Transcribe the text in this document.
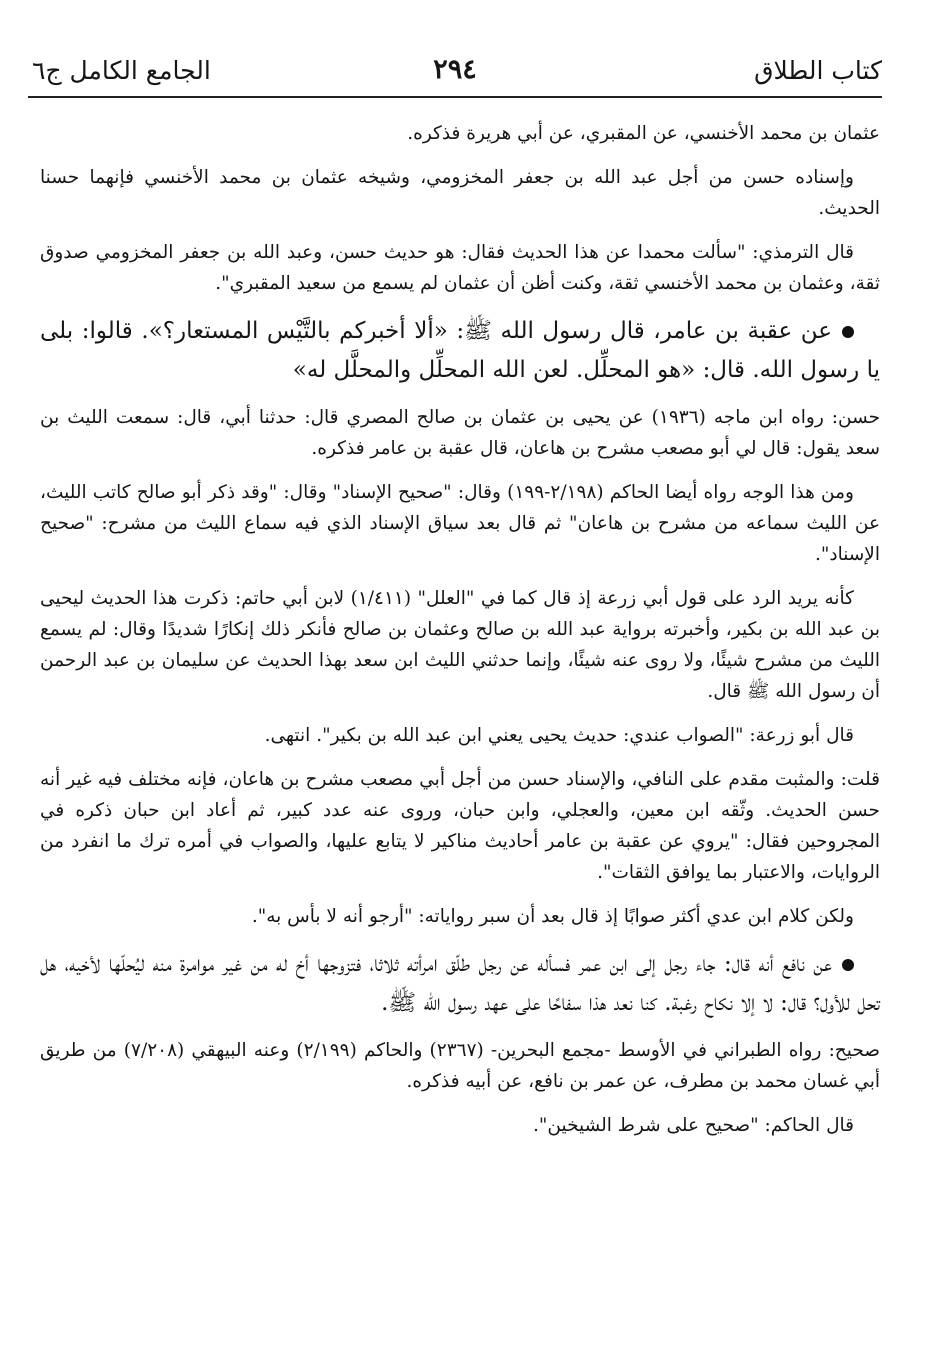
كتاب الطلاق
٢٩٤
الجامع الكامل ج٦

عثمان بن محمد الأخنسي، عن المقبري، عن أبي هريرة فذكره.

وإسناده حسن من أجل عبد الله بن جعفر المخزومي، وشيخه عثمان بن محمد الأخنسي فإنهما حسنا الحديث.

قال الترمذي: "سألت محمدا عن هذا الحديث فقال: هو حديث حسن، وعبد الله بن جعفر المخزومي صدوق ثقة، وعثمان بن محمد الأخنسي ثقة، وكنت أظن أن عثمان لم يسمع من سعيد المقبري".

عن عقبة بن عامر، قال رسول الله ﷺ: «ألا أخبركم بالتَّيْس المستعار؟». قالوا: بلى يا رسول الله. قال: «هو المحلِّل. لعن الله المحلِّل والمحلَّل له»

حسن: رواه ابن ماجه (١٩٣٦) عن يحيى بن عثمان بن صالح المصري قال: حدثنا أبي، قال: سمعت الليث بن سعد يقول: قال لي أبو مصعب مشرح بن هاعان، قال عقبة بن عامر فذكره.

ومن هذا الوجه رواه أيضا الحاكم (٢/١٩٨-١٩٩) وقال: "صحيح الإسناد" وقال: "وقد ذكر أبو صالح كاتب الليث، عن الليث سماعه من مشرح بن هاعان" ثم قال بعد سياق الإسناد الذي فيه سماع الليث من مشرح: "صحيح الإسناد".

كأنه يريد الرد على قول أبي زرعة إذ قال كما في "العلل" (١/٤١١) لابن أبي حاتم: ذكرت هذا الحديث ليحيى بن عبد الله بن بكير، وأخبرته برواية عبد الله بن صالح وعثمان بن صالح فأنكر ذلك إنكارًا شديدًا وقال: لم يسمع الليث من مشرح شيئًا، ولا روى عنه شيئًا، وإنما حدثني الليث ابن سعد بهذا الحديث عن سليمان بن عبد الرحمن أن رسول الله ﷺ قال.

قال أبو زرعة: "الصواب عندي: حديث يحيى يعني ابن عبد الله بن بكير". انتهى.

قلت: والمثبت مقدم على النافي، والإسناد حسن من أجل أبي مصعب مشرح بن هاعان، فإنه مختلف فيه غير أنه حسن الحديث. وثّقه ابن معين، والعجلي، وابن حبان، وروى عنه عدد كبير، ثم أعاد ابن حبان ذكره في المجروحين فقال: "يروي عن عقبة بن عامر أحاديث مناكير لا يتابع عليها، والصواب في أمره ترك ما انفرد من الروايات، والاعتبار بما يوافق الثقات".

ولكن كلام ابن عدي أكثر صوابًا إذ قال بعد أن سبر رواياته: "أرجو أنه لا بأس به".

عن نافع أنه قال: جاء رجل إلى ابن عمر فسأله عن رجل طلّق امرأته ثلاثا، فتزوجها أخ له من غير موامرة منه ليُحلّها لأخيه، هل تحل للأول؟ قال: لا إلا نكاح رغبة. كنا نعد هذا سفاحًا على عهد رسول الله ﷺ.

صحيح: رواه الطبراني في الأوسط -مجمع البحرين- (٢٣٦٧) والحاكم (٢/١٩٩) وعنه البيهقي (٧/٢٠٨) من طريق أبي غسان محمد بن مطرف، عن عمر بن نافع، عن أبيه فذكره.

قال الحاكم: "صحيح على شرط الشيخين".
